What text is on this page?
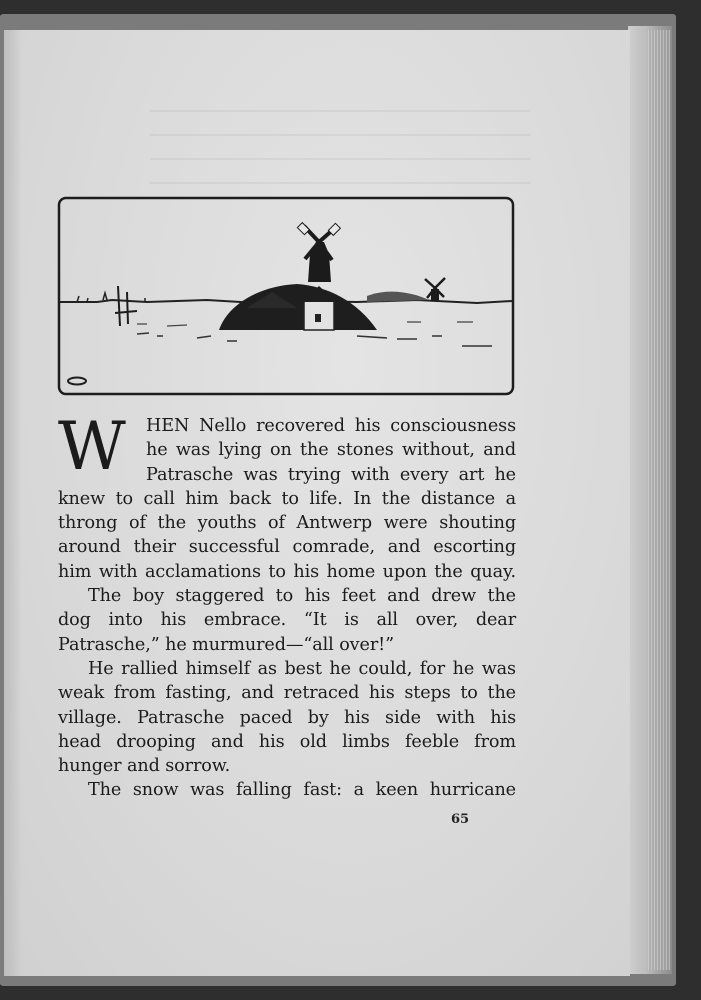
W	HEN Nello recovered his consciousness
he was lying on the stones without, and
Patrasche was trying with every art he
knew to call him back to life. In the distance a
throng of the youths of Antwerp were shouting
around their successful comrade, and escorting
him with acclamations to his home upon the quay.
The boy staggered to his feet and drew the
dog into his embrace. “It is all over, dear
Patrasche,” he murmured—“all over!”
He rallied himself as best he could, for he was
weak from fasting, and retraced his steps to the
village. Patrasche paced by his side with his
head drooping and his old limbs feeble from
hunger and sorrow.
The snow was falling fast: a keen hurricane
65
